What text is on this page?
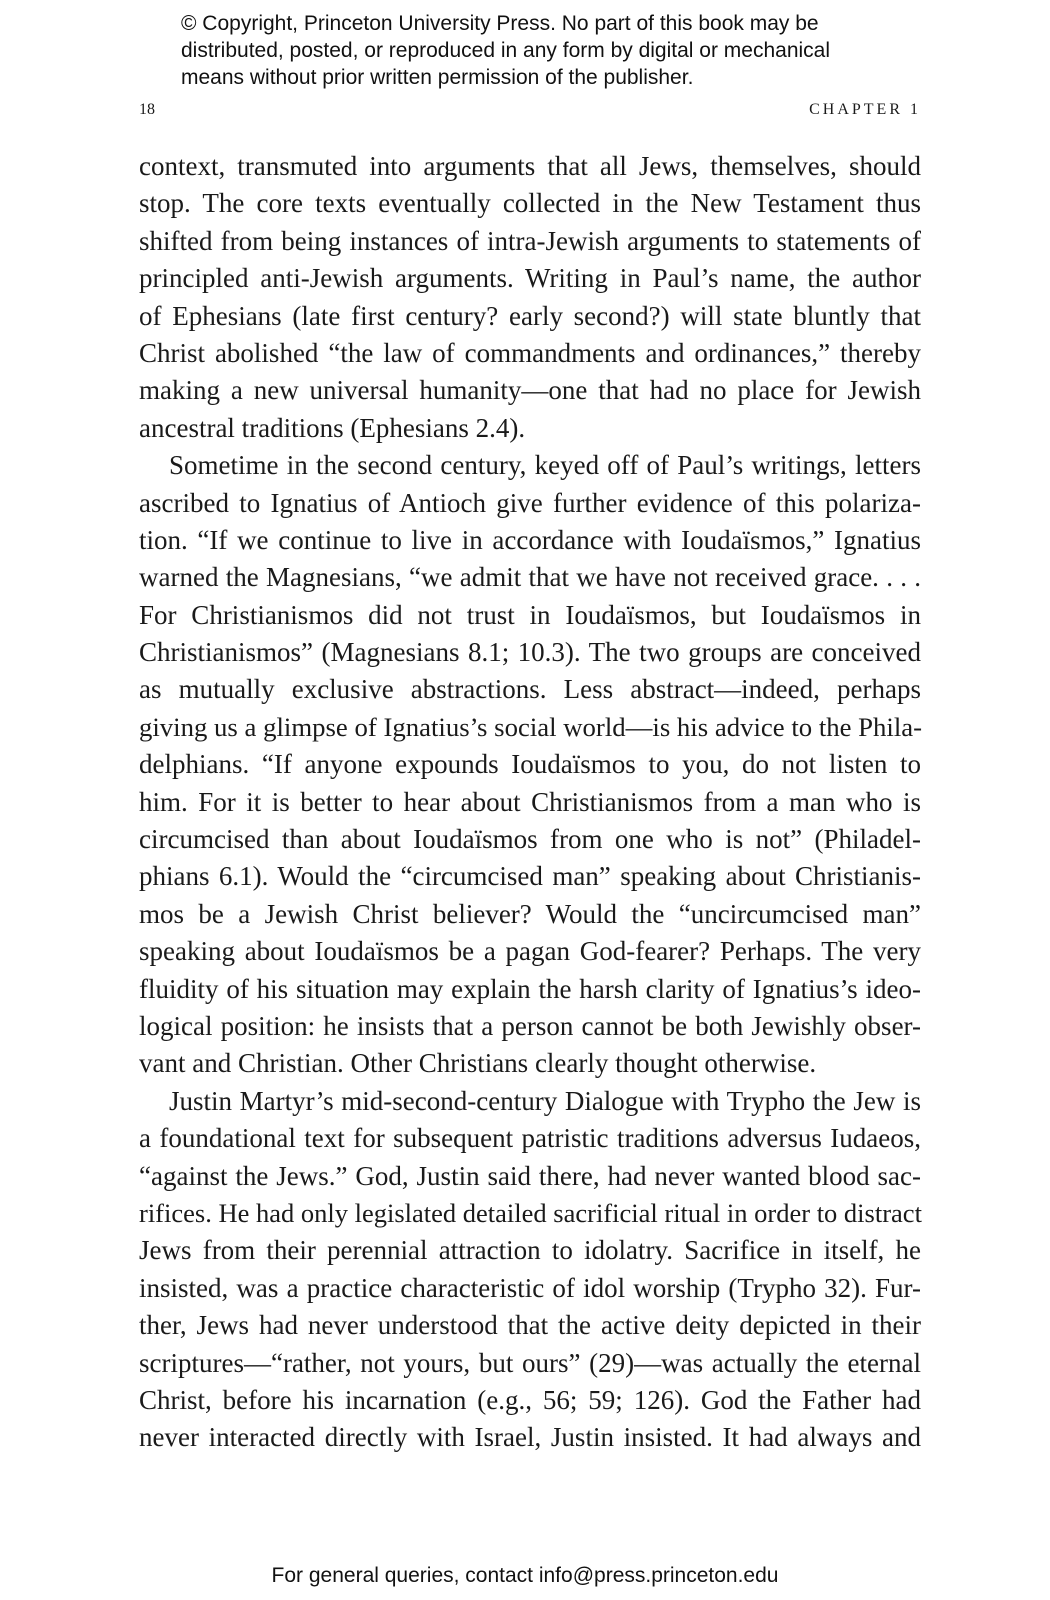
© Copyright, Princeton University Press. No part of this book may be
distributed, posted, or reproduced in any form by digital or mechanical
means without prior written permission of the publisher.
18	CHAPTER 1
context, transmuted into arguments that all Jews, themselves, should
stop. The core texts eventually collected in the New Testament thus
shifted from being instances of intra-Jewish arguments to statements of
principled anti-Jewish arguments. Writing in Paul’s name, the author
of Ephesians (late first century? early second?) will state bluntly that
Christ abolished “the law of commandments and ordinances,” thereby
making a new universal humanity—one that had no place for Jewish
ancestral traditions (Ephesians 2.4).
Sometime in the second century, keyed off of Paul’s writings, letters
ascribed to Ignatius of Antioch give further evidence of this polariza-
tion. “If we continue to live in accordance with Ioudaïsmos,” Ignatius
warned the Magnesians, “we admit that we have not received grace. . . .
For Christianismos did not trust in Ioudaïsmos, but Ioudaïsmos in
Christianismos” (Magnesians 8.1; 10.3). The two groups are conceived
as mutually exclusive abstractions. Less abstract—indeed, perhaps
giving us a glimpse of Ignatius’s social world—is his advice to the Phila-
delphians. “If anyone expounds Ioudaïsmos to you, do not listen to
him. For it is better to hear about Christianismos from a man who is
circumcised than about Ioudaïsmos from one who is not” (Philadel-
phians 6.1). Would the “circumcised man” speaking about Christianis-
mos be a Jewish Christ believer? Would the “uncircumcised man”
speaking about Ioudaïsmos be a pagan God-fearer? Perhaps. The very
fluidity of his situation may explain the harsh clarity of Ignatius’s ideo-
logical position: he insists that a person cannot be both Jewishly obser-
vant and Christian. Other Christians clearly thought otherwise.
Justin Martyr’s mid-second-century Dialogue with Trypho the Jew is
a foundational text for subsequent patristic traditions adversus Iudaeos,
“against the Jews.” God, Justin said there, had never wanted blood sac-
rifices. He had only legislated detailed sacrificial ritual in order to distract
Jews from their perennial attraction to idolatry. Sacrifice in itself, he
insisted, was a practice characteristic of idol worship (Trypho 32). Fur-
ther, Jews had never understood that the active deity depicted in their
scriptures—“rather, not yours, but ours” (29)—was actually the eternal
Christ, before his incarnation (e.g., 56; 59; 126). God the Father had
never interacted directly with Israel, Justin insisted. It had always and
For general queries, contact info@press.princeton.edu
